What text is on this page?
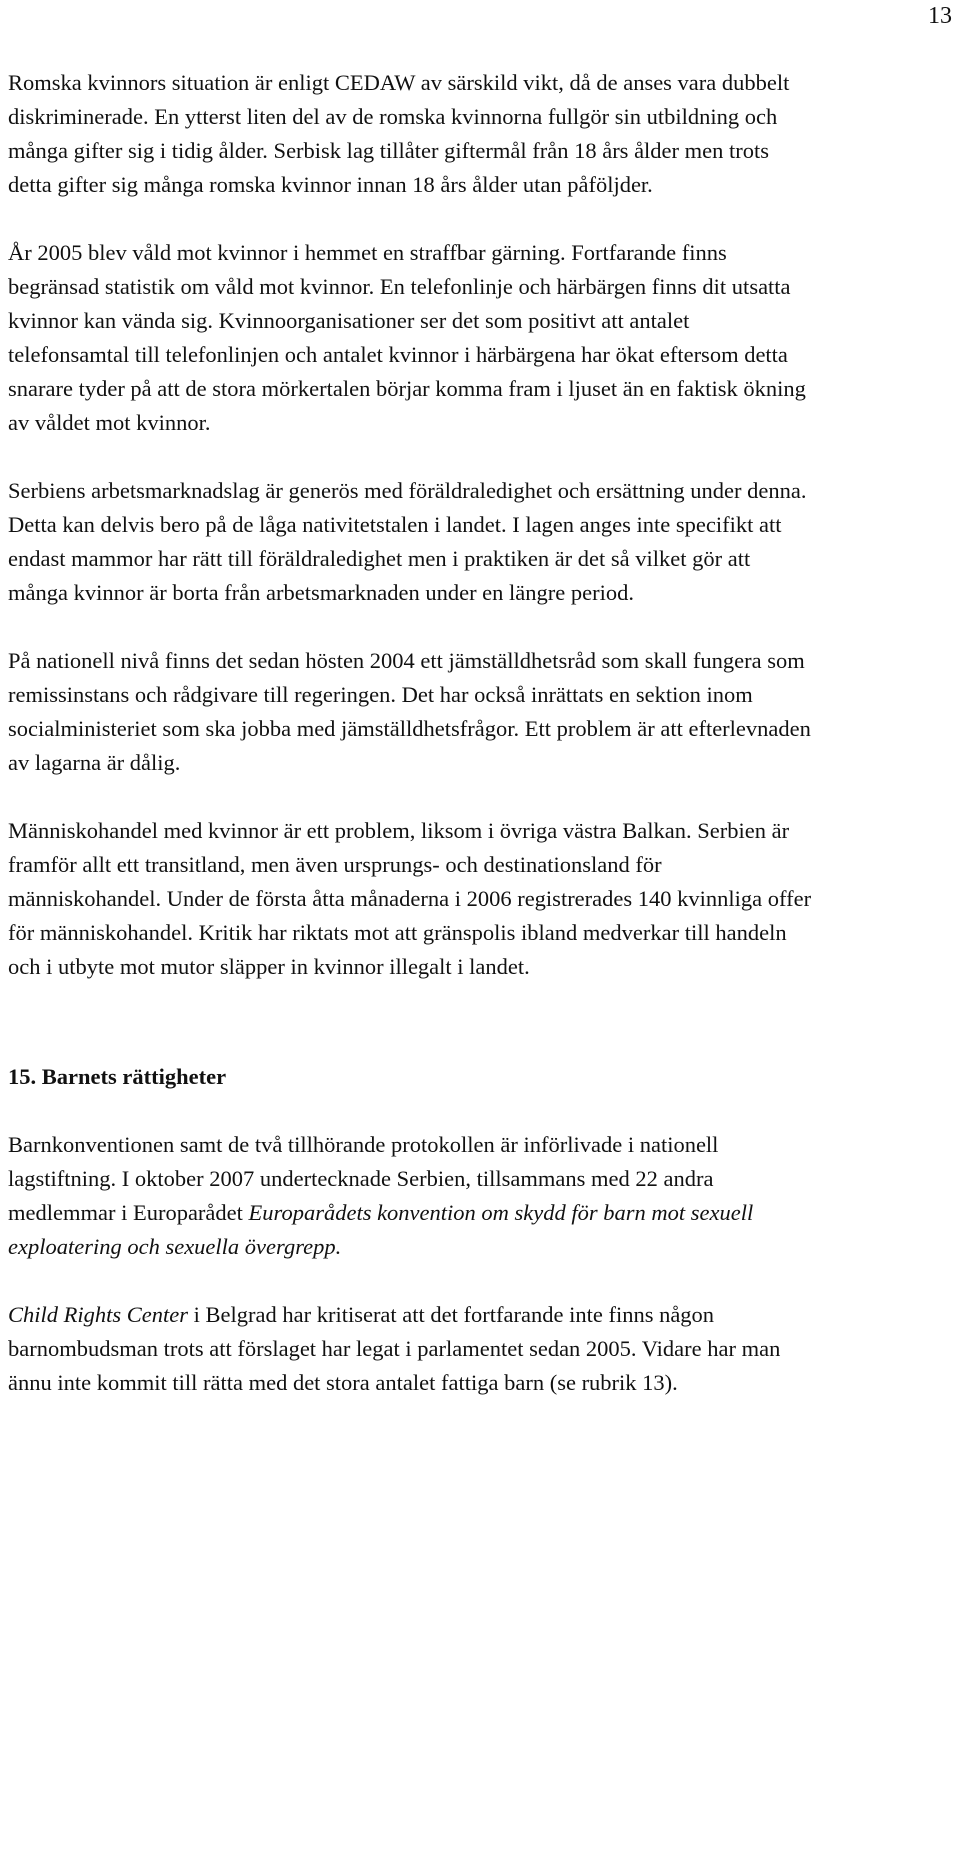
13

Romska kvinnors situation är enligt CEDAW av särskild vikt, då de anses vara dubbelt diskriminerade. En ytterst liten del av de romska kvinnorna fullgör sin utbildning och många gifter sig i tidig ålder. Serbisk lag tillåter giftermål från 18 års ålder men trots detta gifter sig många romska kvinnor innan 18 års ålder utan påföljder.

År 2005 blev våld mot kvinnor i hemmet en straffbar gärning. Fortfarande finns begränsad statistik om våld mot kvinnor. En telefonlinje och härbärgen finns dit utsatta kvinnor kan vända sig. Kvinnoorganisationer ser det som positivt att antalet telefonsamtal till telefonlinjen och antalet kvinnor i härbärgena har ökat eftersom detta snarare tyder på att de stora mörkertalen börjar komma fram i ljuset än en faktisk ökning av våldet mot kvinnor.

Serbiens arbetsmarknadslag är generös med föräldraledighet och ersättning under denna. Detta kan delvis bero på de låga nativitetstalen i landet. I lagen anges inte specifikt att endast mammor har rätt till föräldraledighet men i praktiken är det så vilket gör att många kvinnor är borta från arbetsmarknaden under en längre period.

På nationell nivå finns det sedan hösten 2004 ett jämställdhetsråd som skall fungera som remissinstans och rådgivare till regeringen. Det har också inrättats en sektion inom socialministeriet som ska jobba med jämställdhetsfrågor. Ett problem är att efterlevnaden av lagarna är dålig.

Människohandel med kvinnor är ett problem, liksom i övriga västra Balkan. Serbien är framför allt ett transitland, men även ursprungs- och destinationsland för människohandel. Under de första åtta månaderna i 2006 registrerades 140 kvinnliga offer för människohandel. Kritik har riktats mot att gränspolis ibland medverkar till handeln och i utbyte mot mutor släpper in kvinnor illegalt i landet.

15. Barnets rättigheter

Barnkonventionen samt de två tillhörande protokollen är införlivade i nationell lagstiftning. I oktober 2007 undertecknade Serbien, tillsammans med 22 andra medlemmar i Europarådet Europarådets konvention om skydd för barn mot sexuell exploatering och sexuella övergrepp.

Child Rights Center i Belgrad har kritiserat att det fortfarande inte finns någon barnombudsman trots att förslaget har legat i parlamentet sedan 2005. Vidare har man ännu inte kommit till rätta med det stora antalet fattiga barn (se rubrik 13).
